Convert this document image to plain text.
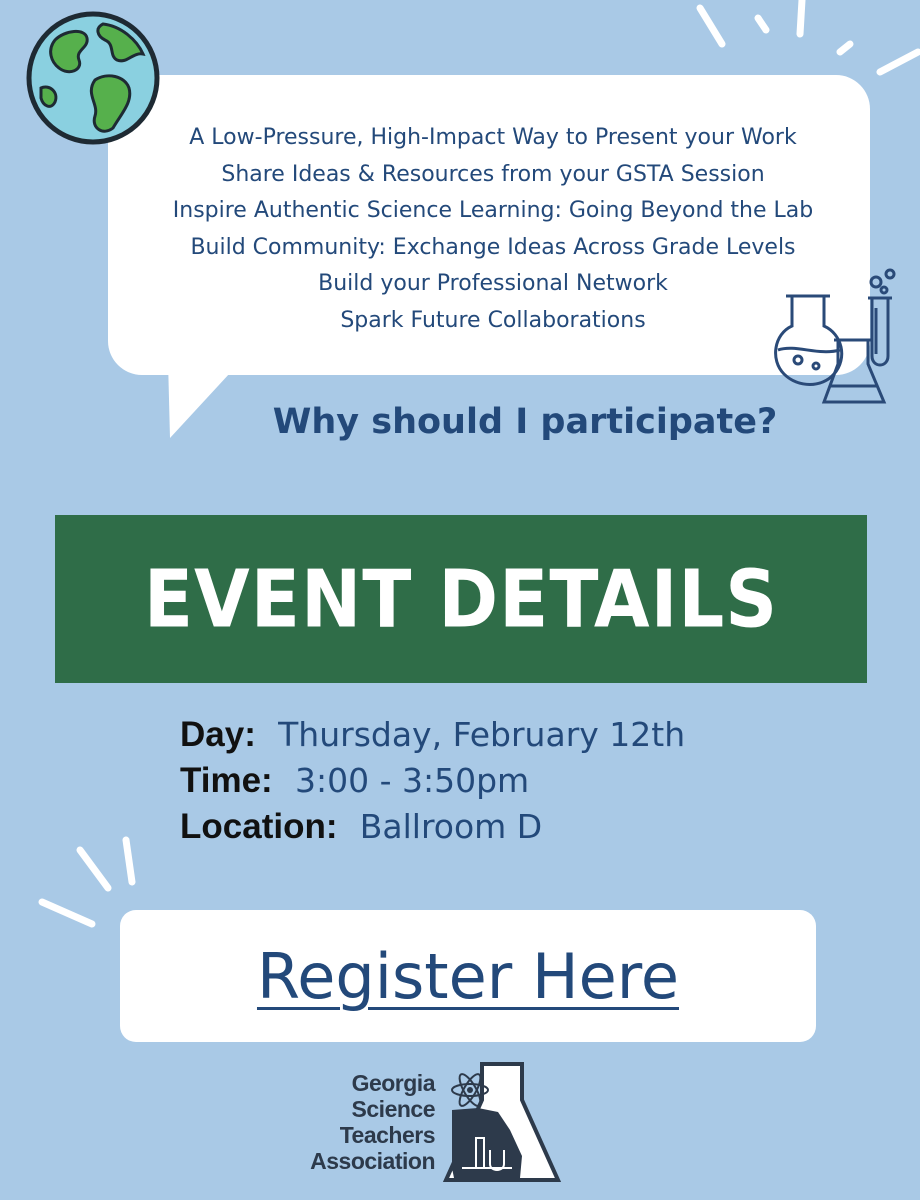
A Low-Pressure, High-Impact Way to Present your Work
Share Ideas & Resources from your GSTA Session
Inspire Authentic Science Learning: Going Beyond the Lab
Build Community: Exchange Ideas Across Grade Levels
Build your Professional Network
Spark Future Collaborations
Why should I participate?
EVENT DETAILS
Day: Thursday, February 12th
Time: 3:00 - 3:50pm
Location: Ballroom D
Register Here
Georgia
Science
Teachers
Association
